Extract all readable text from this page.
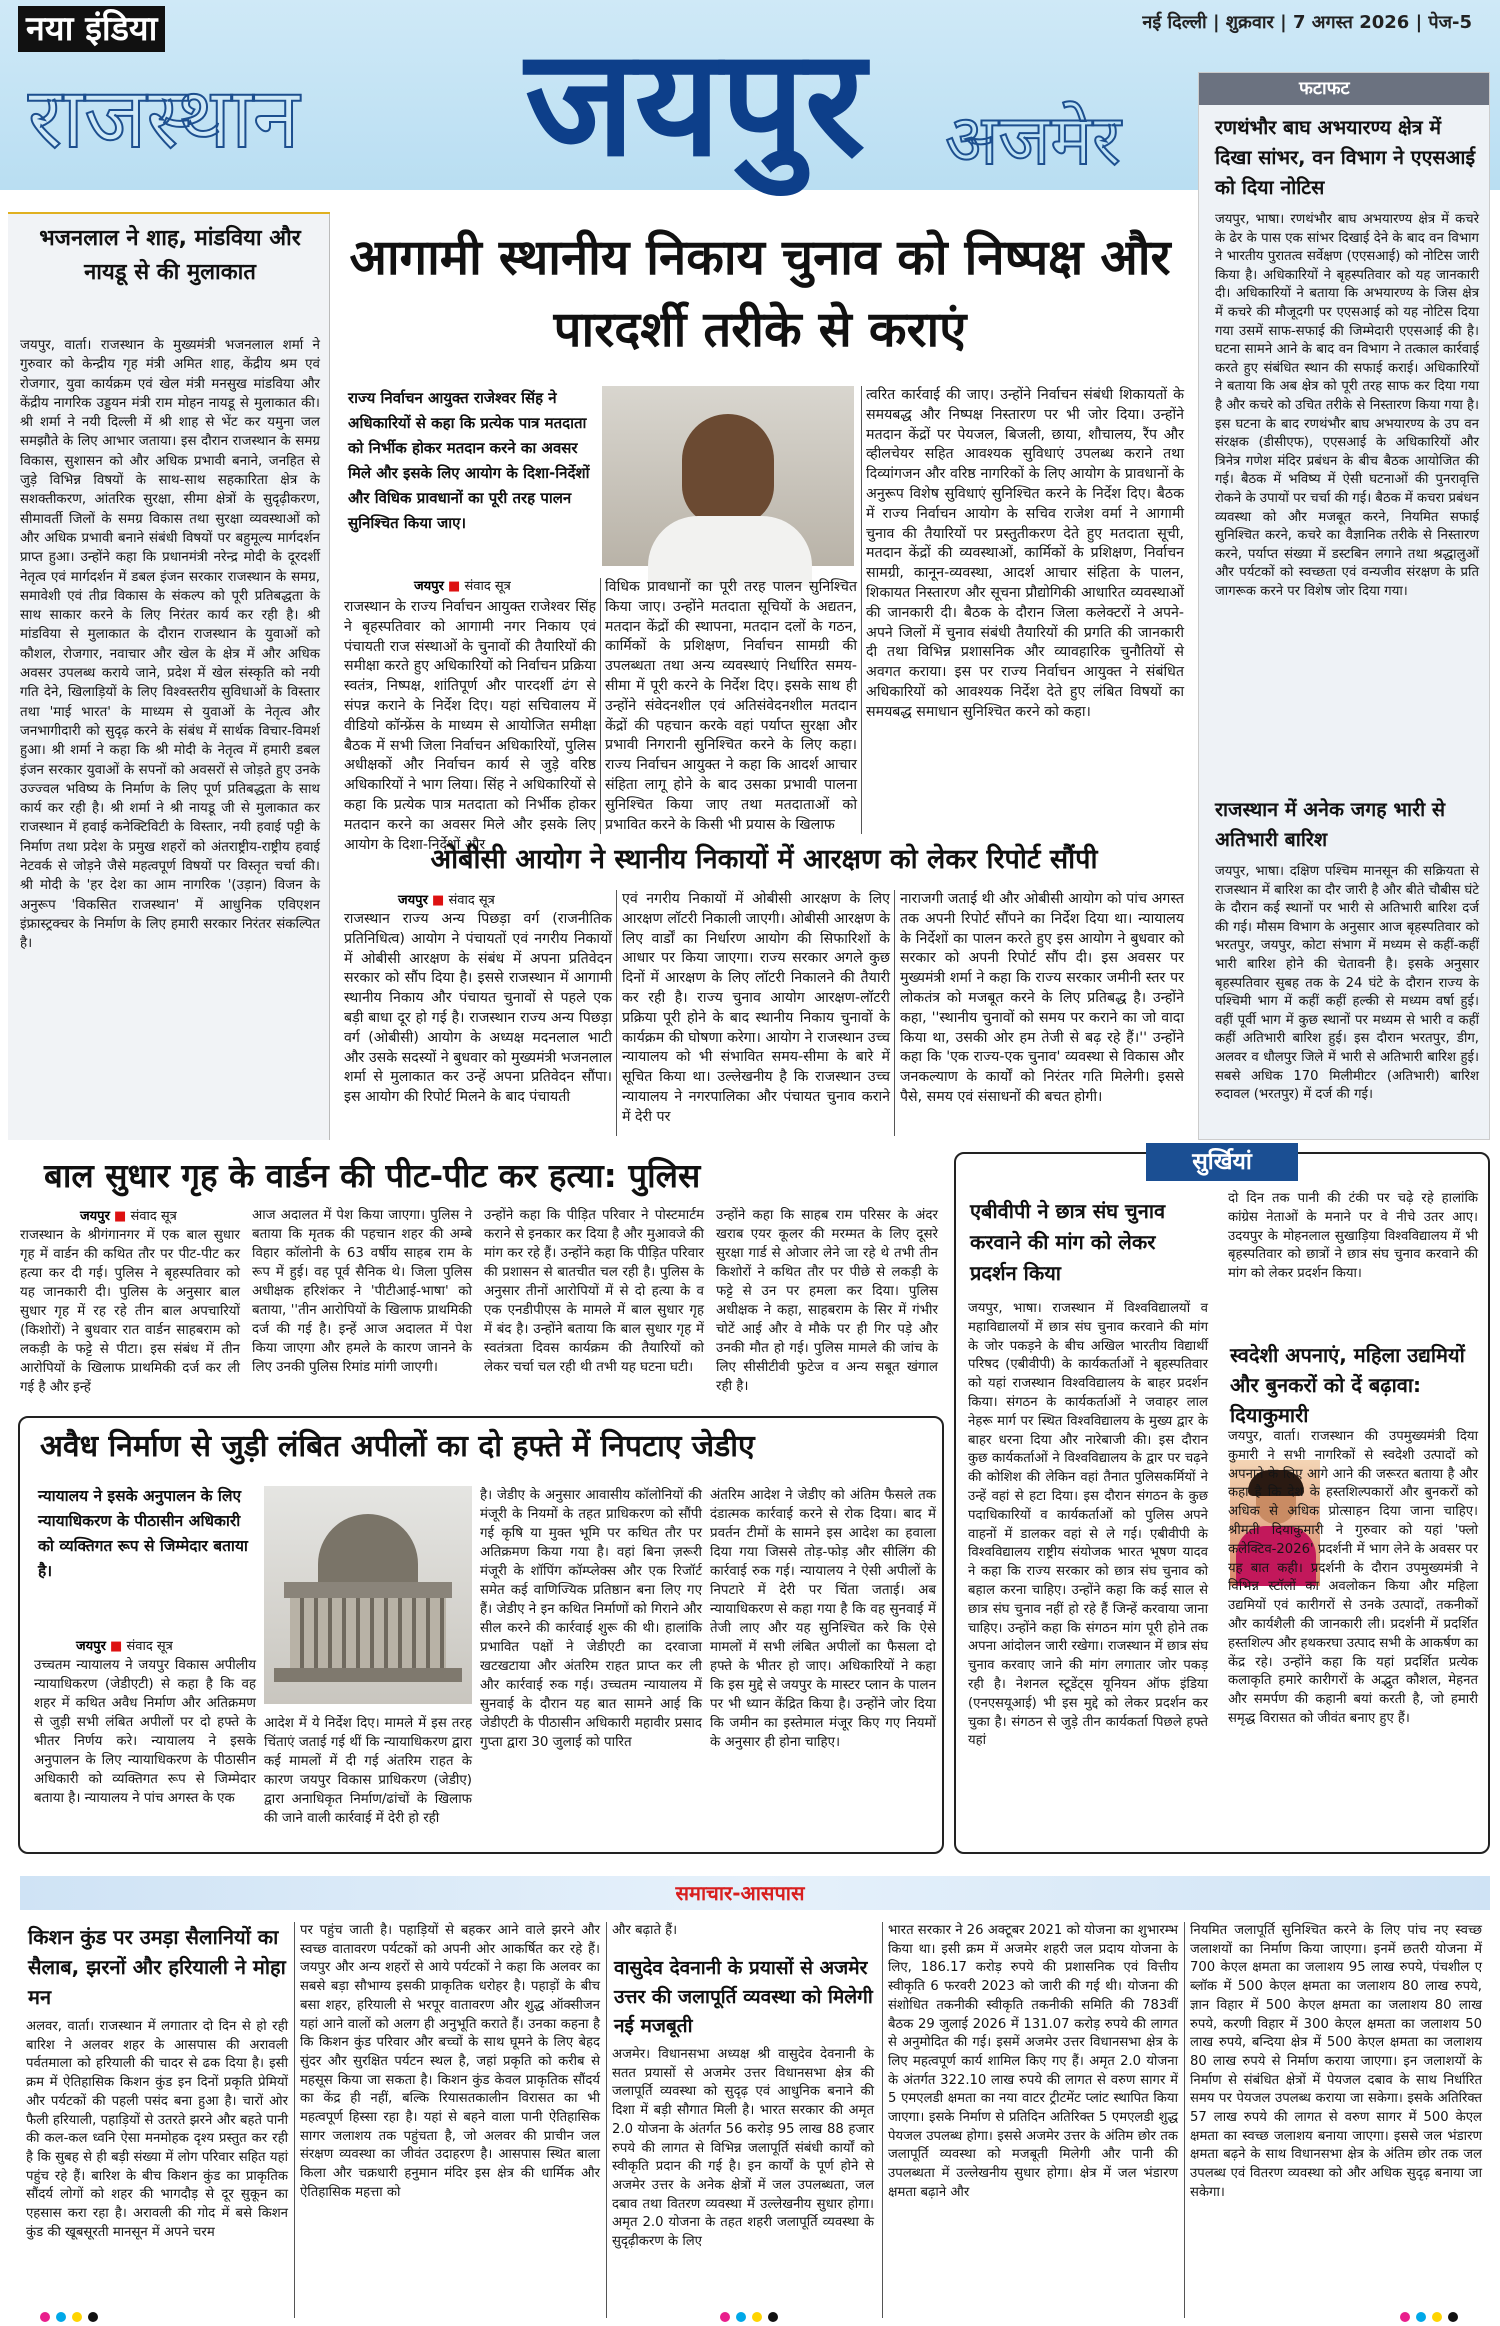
नया इंडिया	नई दिल्ली | शुक्रवार | 7 अगस्त 2026 | पेज-5
राजस्थान जयपुर अजमेर
फटाफट
रणथंभौर बाघ अभयारण्य क्षेत्र में दिखा सांभर, वन विभाग ने एएसआई को दिया नोटिस
जयपुर, भाषा। रणथंभौर बाघ अभयारण्य क्षेत्र में कचरे के ढेर के पास एक सांभर दिखाई देने के बाद वन विभाग ने भारतीय पुरातत्व सर्वेक्षण (एएसआई) को नोटिस जारी किया है। अधिकारियों ने बृहस्पतिवार को यह जानकारी दी। अधिकारियों ने बताया कि अभयारण्य के जिस क्षेत्र में कचरे की मौजूदगी पर एएसआई को यह नोटिस दिया गया उसमें साफ-सफाई की जिम्मेदारी एएसआई की है। घटना सामने आने के बाद वन विभाग ने तत्काल कार्रवाई करते हुए संबंधित स्थान की सफाई कराई। अधिकारियों ने बताया कि अब क्षेत्र को पूरी तरह साफ कर दिया गया है और कचरे को उचित तरीके से निस्तारण किया गया है। इस घटना के बाद रणथंभौर बाघ अभयारण्य के उप वन संरक्षक (डीसीएफ), एएसआई के अधिकारियों और त्रिनेत्र गणेश मंदिर प्रबंधन के बीच बैठक आयोजित की गई। बैठक में भविष्य में ऐसी घटनाओं की पुनरावृत्ति रोकने के उपायों पर चर्चा की गई। बैठक में कचरा प्रबंधन व्यवस्था को और मजबूत करने, नियमित सफाई सुनिश्चित करने, कचरे का वैज्ञानिक तरीके से निस्तारण करने, पर्याप्त संख्या में डस्टबिन लगाने तथा श्रद्धालुओं और पर्यटकों को स्वच्छता एवं वन्यजीव संरक्षण के प्रति जागरूक करने पर विशेष जोर दिया गया।
राजस्थान में अनेक जगह भारी से अतिभारी बारिश
जयपुर, भाषा। दक्षिण पश्चिम मानसून की सक्रियता से राजस्थान में बारिश का दौर जारी है और बीते चौबीस घंटे के दौरान कई स्थानों पर भारी से अतिभारी बारिश दर्ज की गई। मौसम विभाग के अनुसार आज बृहस्पतिवार को भरतपुर, जयपुर, कोटा संभाग में मध्यम से कहीं-कहीं भारी बारिश होने की चेतावनी है। इसके अनुसार बृहस्पतिवार सुबह तक के 24 घंटे के दौरान राज्य के पश्चिमी भाग में कहीं कहीं हल्की से मध्यम वर्षा हुई। वहीं पूर्वी भाग में कुछ स्थानों पर मध्यम से भारी व कहीं कहीं अतिभारी बारिश हुई। इस दौरान भरतपुर, डीग, अलवर व धौलपुर जिले में भारी से अतिभारी बारिश हुई। सबसे अधिक 170 मिलीमीटर (अतिभारी) बारिश रुदावल (भरतपुर) में दर्ज की गई।
भजनलाल ने शाह, मांडविया और नायडू से की मुलाकात
जयपुर, वार्ता। राजस्थान के मुख्यमंत्री भजनलाल शर्मा ने गुरुवार को केन्द्रीय गृह मंत्री अमित शाह, केंद्रीय श्रम एवं रोजगार, युवा कार्यक्रम एवं खेल मंत्री मनसुख मांडविया और केंद्रीय नागरिक उड्डयन मंत्री राम मोहन नायडू से मुलाकात की। श्री शर्मा ने नयी दिल्ली में श्री शाह से भेंट कर यमुना जल समझौते के लिए आभार जताया। इस दौरान राजस्थान के समग्र विकास, सुशासन को और अधिक प्रभावी बनाने, जनहित से जुड़े विभिन्न विषयों के साथ-साथ सहकारिता क्षेत्र के सशक्तीकरण, आंतरिक सुरक्षा, सीमा क्षेत्रों के सुदृढ़ीकरण, सीमावर्ती जिलों के समग्र विकास तथा सुरक्षा व्यवस्थाओं को और अधिक प्रभावी बनाने संबंधी विषयों पर बहुमूल्य मार्गदर्शन प्राप्त हुआ। उन्होंने कहा कि प्रधानमंत्री नरेन्द्र मोदी के दूरदर्शी नेतृत्व एवं मार्गदर्शन में डबल इंजन सरकार राजस्थान के समग्र, समावेशी एवं तीव्र विकास के संकल्प को पूरी प्रतिबद्धता के साथ साकार करने के लिए निरंतर कार्य कर रही है। श्री मांडविया से मुलाकात के दौरान राजस्थान के युवाओं को कौशल, रोजगार, नवाचार और खेल के क्षेत्र में और अधिक अवसर उपलब्ध कराये जाने, प्रदेश में खेल संस्कृति को नयी गति देने, खिलाड़ियों के लिए विश्वस्तरीय सुविधाओं के विस्तार तथा 'माई भारत' के माध्यम से युवाओं के नेतृत्व और जनभागीदारी को सुदृढ़ करने के संबंध में सार्थक विचार-विमर्श हुआ। श्री शर्मा ने कहा कि श्री मोदी के नेतृत्व में हमारी डबल इंजन सरकार युवाओं के सपनों को अवसरों से जोड़ते हुए उनके उज्ज्वल भविष्य के निर्माण के लिए पूर्ण प्रतिबद्धता के साथ कार्य कर रही है। श्री शर्मा ने श्री नायडू जी से मुलाकात कर राजस्थान में हवाई कनेक्टिविटी के विस्तार, नयी हवाई पट्टी के निर्माण तथा प्रदेश के प्रमुख शहरों को अंतराष्ट्रीय-राष्ट्रीय हवाई नेटवर्क से जोड़ने जैसे महत्वपूर्ण विषयों पर विस्तृत चर्चा की। श्री मोदी के 'हर देश का आम नागरिक '(उड़ान) विजन के अनुरूप 'विकसित राजस्थान' में आधुनिक एविएशन इंफ्रास्ट्रक्चर के निर्माण के लिए हमारी सरकार निरंतर संकल्पित है।
आगामी स्थानीय निकाय चुनाव को निष्पक्ष और पारदर्शी तरीके से कराएं
राज्य निर्वाचन आयुक्त राजेश्वर सिंह ने अधिकारियों से कहा कि प्रत्येक पात्र मतदाता को निर्भीक होकर मतदान करने का अवसर मिले और इसके लिए आयोग के दिशा-निर्देशों और विधिक प्रावधानों का पूरी तरह पालन सुनिश्चित किया जाए।
जयपुर ■ संवाद सूत्र
राजस्थान के राज्य निर्वाचन आयुक्त राजेश्वर सिंह ने बृहस्पतिवार को आगामी नगर निकाय एवं पंचायती राज संस्थाओं के चुनावों की तैयारियों की समीक्षा करते हुए अधिकारियों को निर्वाचन प्रक्रिया स्वतंत्र, निष्पक्ष, शांतिपूर्ण और पारदर्शी ढंग से संपन्न कराने के निर्देश दिए। यहां सचिवालय में वीडियो कॉन्फ्रेंस के माध्यम से आयोजित समीक्षा बैठक में सभी जिला निर्वाचन अधिकारियों, पुलिस अधीक्षकों और निर्वाचन कार्य से जुड़े वरिष्ठ अधिकारियों ने भाग लिया। सिंह ने अधिकारियों से कहा कि प्रत्येक पात्र मतदाता को निर्भीक होकर मतदान करने का अवसर मिले और इसके लिए आयोग के दिशा-निर्देशों और
विधिक प्रावधानों का पूरी तरह पालन सुनिश्चित किया जाए। उन्होंने मतदाता सूचियों के अद्यतन, मतदान केंद्रों की स्थापना, मतदान दलों के गठन, कार्मिकों के प्रशिक्षण, निर्वाचन सामग्री की उपलब्धता तथा अन्य व्यवस्थाएं निर्धारित समय-सीमा में पूरी करने के निर्देश दिए। इसके साथ ही उन्होंने संवेदनशील एवं अतिसंवेदनशील मतदान केंद्रों की पहचान करके वहां पर्याप्त सुरक्षा और प्रभावी निगरानी सुनिश्चित करने के लिए कहा। राज्य निर्वाचन आयुक्त ने कहा कि आदर्श आचार संहिता लागू होने के बाद उसका प्रभावी पालना सुनिश्चित किया जाए तथा मतदाताओं को प्रभावित करने के किसी भी प्रयास के खिलाफ
त्वरित कार्रवाई की जाए। उन्होंने निर्वाचन संबंधी शिकायतों के समयबद्ध और निष्पक्ष निस्तारण पर भी जोर दिया। उन्होंने मतदान केंद्रों पर पेयजल, बिजली, छाया, शौचालय, रैंप और व्हीलचेयर सहित आवश्यक सुविधाएं उपलब्ध कराने तथा दिव्यांगजन और वरिष्ठ नागरिकों के लिए आयोग के प्रावधानों के अनुरूप विशेष सुविधाएं सुनिश्चित करने के निर्देश दिए। बैठक में राज्य निर्वाचन आयोग के सचिव राजेश वर्मा ने आगामी चुनाव की तैयारियों पर प्रस्तुतीकरण देते हुए मतदाता सूची, मतदान केंद्रों की व्यवस्थाओं, कार्मिकों के प्रशिक्षण, निर्वाचन सामग्री, कानून-व्यवस्था, आदर्श आचार संहिता के पालन, शिकायत निस्तारण और सूचना प्रौद्योगिकी आधारित व्यवस्थाओं की जानकारी दी। बैठक के दौरान जिला कलेक्टरों ने अपने-अपने जिलों में चुनाव संबंधी तैयारियों की प्रगति की जानकारी दी तथा विभिन्न प्रशासनिक और व्यावहारिक चुनौतियों से अवगत कराया। इस पर राज्य निर्वाचन आयुक्त ने संबंधित अधिकारियों को आवश्यक निर्देश देते हुए लंबित विषयों का समयबद्ध समाधान सुनिश्चित करने को कहा।
ओबीसी आयोग ने स्थानीय निकायों में आरक्षण को लेकर रिपोर्ट सौंपी
जयपुर ■ संवाद सूत्र
राजस्थान राज्य अन्य पिछड़ा वर्ग (राजनीतिक प्रतिनिधित्व) आयोग ने पंचायतों एवं नगरीय निकायों में ओबीसी आरक्षण के संबंध में अपना प्रतिवेदन सरकार को सौंप दिया है। इससे राजस्थान में आगामी स्थानीय निकाय और पंचायत चुनावों से पहले एक बड़ी बाधा दूर हो गई है। राजस्थान राज्य अन्य पिछड़ा वर्ग (ओबीसी) आयोग के अध्यक्ष मदनलाल भाटी और उसके सदस्यों ने बुधवार को मुख्यमंत्री भजनलाल शर्मा से मुलाकात कर उन्हें अपना प्रतिवेदन सौंपा। इस आयोग की रिपोर्ट मिलने के बाद पंचायती
एवं नगरीय निकायों में ओबीसी आरक्षण के लिए आरक्षण लॉटरी निकाली जाएगी। ओबीसी आरक्षण के लिए वार्डों का निर्धारण आयोग की सिफारिशों के आधार पर किया जाएगा। राज्य सरकार अगले कुछ दिनों में आरक्षण के लिए लॉटरी निकालने की तैयारी कर रही है। राज्य चुनाव आयोग आरक्षण-लॉटरी प्रक्रिया पूरी होने के बाद स्थानीय निकाय चुनावों के कार्यक्रम की घोषणा करेगा। आयोग ने राजस्थान उच्च न्यायालय को भी संभावित समय-सीमा के बारे में सूचित किया था। उल्लेखनीय है कि राजस्थान उच्च न्यायालय ने नगरपालिका और पंचायत चुनाव कराने में देरी पर
नाराजगी जताई थी और ओबीसी आयोग को पांच अगस्त तक अपनी रिपोर्ट सौंपने का निर्देश दिया था। न्यायालय के निर्देशों का पालन करते हुए इस आयोग ने बुधवार को सरकार को अपनी रिपोर्ट सौंप दी। इस अवसर पर मुख्यमंत्री शर्मा ने कहा कि राज्य सरकार जमीनी स्तर पर लोकतंत्र को मजबूत करने के लिए प्रतिबद्ध है। उन्होंने कहा, ''स्थानीय चुनावों को समय पर कराने का जो वादा किया था, उसकी ओर हम तेजी से बढ़ रहे हैं।'' उन्होंने कहा कि 'एक राज्य-एक चुनाव' व्यवस्था से विकास और जनकल्याण के कार्यों को निरंतर गति मिलेगी। इससे पैसे, समय एवं संसाधनों की बचत होगी।
बाल सुधार गृह के वार्डन की पीट-पीट कर हत्या: पुलिस
जयपुर ■ संवाद सूत्र
राजस्थान के श्रीगंगानगर में एक बाल सुधार गृह में वार्डन की कथित तौर पर पीट-पीट कर हत्या कर दी गई। पुलिस ने बृहस्पतिवार को यह जानकारी दी। पुलिस के अनुसार बाल सुधार गृह में रह रहे तीन बाल अपचारियों (किशोरों) ने बुधवार रात वार्डन साहबराम को लकड़ी के फट्टे से पीटा। इस संबंध में तीन आरोपियों के खिलाफ प्राथमिकी दर्ज कर ली गई है और इन्हें
आज अदालत में पेश किया जाएगा। पुलिस ने बताया कि मृतक की पहचान शहर की अम्बे विहार कॉलोनी के 63 वर्षीय साहब राम के रूप में हुई। वह पूर्व सैनिक थे। जिला पुलिस अधीक्षक हरिशंकर ने 'पीटीआई-भाषा' को बताया, ''तीन आरोपियों के खिलाफ प्राथमिकी दर्ज की गई है। इन्हें आज अदालत में पेश किया जाएगा और हमले के कारण जानने के लिए उनकी पुलिस रिमांड मांगी जाएगी।
उन्होंने कहा कि पीड़ित परिवार ने पोस्टमार्टम कराने से इनकार कर दिया है और मुआवजे की मांग कर रहे हैं। उन्होंने कहा कि पीड़ित परिवार की प्रशासन से बातचीत चल रही है। पुलिस के अनुसार तीनों आरोपियों में से दो हत्या के व एक एनडीपीएस के मामले में बाल सुधार गृह में बंद है। उन्होंने बताया कि बाल सुधार गृह में स्वतंत्रता दिवस कार्यक्रम की तैयारियों को लेकर चर्चा चल रही थी तभी यह घटना घटी।
उन्होंने कहा कि साहब राम परिसर के अंदर खराब एयर कूलर की मरम्मत के लिए दूसरे सुरक्षा गार्ड से ओजार लेने जा रहे थे तभी तीन किशोरों ने कथित तौर पर पीछे से लकड़ी के फट्टे से उन पर हमला कर दिया। पुलिस अधीक्षक ने कहा, साहबराम के सिर में गंभीर चोटें आई और वे मौके पर ही गिर पड़े और उनकी मौत हो गई। पुलिस मामले की जांच के लिए सीसीटीवी फुटेज व अन्य सबूत खंगाल रही है।
अवैध निर्माण से जुड़ी लंबित अपीलों का दो हफ्ते में निपटाए जेडीए
न्यायालय ने इसके अनुपालन के लिए न्यायाधिकरण के पीठासीन अधिकारी को व्यक्तिगत रूप से जिम्मेदार बताया है।
जयपुर ■ संवाद सूत्र
उच्चतम न्यायालय ने जयपुर विकास अपीलीय न्यायाधिकरण (जेडीएटी) से कहा है कि वह शहर में कथित अवैध निर्माण और अतिक्रमण से जुड़ी सभी लंबित अपीलों पर दो हफ्ते के भीतर निर्णय करे। न्यायालय ने इसके अनुपालन के लिए न्यायाधिकरण के पीठासीन अधिकारी को व्यक्तिगत रूप से जिम्मेदार बताया है। न्यायालय ने पांच अगस्त के एक
आदेश में ये निर्देश दिए। मामले में इस तरह चिंताएं जताई गई थीं कि न्यायाधिकरण द्वारा कई मामलों में दी गई अंतरिम राहत के कारण जयपुर विकास प्राधिकरण (जेडीए) द्वारा अनाधिकृत निर्माण/ढांचों के खिलाफ की जाने वाली कार्रवाई में देरी हो रही
है। जेडीए के अनुसार आवासीय कॉलोनियों की मंजूरी के नियमों के तहत प्राधिकरण को सौंपी गई कृषि या मुक्त भूमि पर कथित तौर पर अतिक्रमण किया गया है। वहां बिना ज़रूरी मंजूरी के शॉपिंग कॉम्प्लेक्स और एक रिजॉर्ट समेत कई वाणिज्यिक प्रतिष्ठान बना लिए गए हैं। जेडीए ने इन कथित निर्माणों को गिराने और सील करने की कार्रवाई शुरू की थी। हालांकि प्रभावित पक्षों ने जेडीएटी का दरवाजा खटखटाया और अंतरिम राहत प्राप्त कर ली और कार्रवाई रुक गई। उच्चतम न्यायालय में सुनवाई के दौरान यह बात सामने आई कि जेडीएटी के पीठासीन अधिकारी महावीर प्रसाद गुप्ता द्वारा 30 जुलाई को पारित
अंतरिम आदेश ने जेडीए को अंतिम फैसले तक दंडात्मक कार्रवाई करने से रोक दिया। बाद में प्रवर्तन टीमों के सामने इस आदेश का हवाला दिया गया जिससे तोड़-फोड़ और सीलिंग की कार्रवाई रुक गई। न्यायालय ने ऐसी अपीलों के निपटारे में देरी पर चिंता जताई। अब न्यायाधिकरण से कहा गया है कि वह सुनवाई में तेजी लाए और यह सुनिश्चित करे कि ऐसे मामलों में सभी लंबित अपीलों का फैसला दो हफ्ते के भीतर हो जाए। अधिकारियों ने कहा कि इस मुद्दे से जयपुर के मास्टर प्लान के पालन पर भी ध्यान केंद्रित किया है। उन्होंने जोर दिया कि जमीन का इस्तेमाल मंजूर किए गए नियमों के अनुसार ही होना चाहिए।
सुर्खियां
एबीवीपी ने छात्र संघ चुनाव करवाने की मांग को लेकर प्रदर्शन किया
जयपुर, भाषा। राजस्थान में विश्वविद्यालयों व महाविद्यालयों में छात्र संघ चुनाव करवाने की मांग के जोर पकड़ने के बीच अखिल भारतीय विद्यार्थी परिषद (एबीवीपी) के कार्यकर्ताओं ने बृहस्पतिवार को यहां राजस्थान विश्वविद्यालय के बाहर प्रदर्शन किया। संगठन के कार्यकर्ताओं ने जवाहर लाल नेहरू मार्ग पर स्थित विश्वविद्यालय के मुख्य द्वार के बाहर धरना दिया और नारेबाजी की। इस दौरान कुछ कार्यकर्ताओं ने विश्वविद्यालय के द्वार पर चढ़ने की कोशिश की लेकिन वहां तैनात पुलिसकर्मियों ने उन्हें वहां से हटा दिया। इस दौरान संगठन के कुछ पदाधिकारियों व कार्यकर्ताओं को पुलिस अपने वाहनों में डालकर वहां से ले गई। एबीवीपी के विश्वविद्यालय राष्ट्रीय संयोजक भारत भूषण यादव ने कहा कि राज्य सरकार को छात्र संघ चुनाव को बहाल करना चाहिए। उन्होंने कहा कि कई साल से छात्र संघ चुनाव नहीं हो रहे हैं जिन्हें करवाया जाना चाहिए। उन्होंने कहा कि संगठन मांग पूरी होने तक अपना आंदोलन जारी रखेगा। राजस्थान में छात्र संघ चुनाव करवाए जाने की मांग लगातार जोर पकड़ रही है। नेशनल स्टूडेंट्स यूनियन ऑफ इंडिया (एनएसयूआई) भी इस मुद्दे को लेकर प्रदर्शन कर चुका है। संगठन से जुड़े तीन कार्यकर्ता पिछले हफ्ते यहां
दो दिन तक पानी की टंकी पर चढ़े रहे हालांकि कांग्रेस नेताओं के मनाने पर वे नीचे उतर आए। उदयपुर के मोहनलाल सुखाड़िया विश्वविद्यालय में भी बृहस्पतिवार को छात्रों ने छात्र संघ चुनाव करवाने की मांग को लेकर प्रदर्शन किया।
स्वदेशी अपनाएं, महिला उद्यमियों और बुनकरों को दें बढ़ावा: दियाकुमारी
जयपुर, वार्ता। राजस्थान की उपमुख्यमंत्री दिया कुमारी ने सभी नागरिकों से स्वदेशी उत्पादों को अपनाने के लिए आगे आने की जरूरत बताया है और कहा है कि देश के हस्तशिल्पकारों और बुनकरों को अधिक से अधिक प्रोत्साहन दिया जाना चाहिए। श्रीमती दियाकुमारी ने गुरुवार को यहां 'फ्लो कलेक्टिव-2026' प्रदर्शनी में भाग लेने के अवसर पर यह बात कही। प्रदर्शनी के दौरान उपमुख्यमंत्री ने विभिन्न स्टॉलों का अवलोकन किया और महिला उद्यमियों एवं कारीगरों से उनके उत्पादों, तकनीकों और कार्यशैली की जानकारी ली। प्रदर्शनी में प्रदर्शित हस्तशिल्प और हथकरघा उत्पाद सभी के आकर्षण का केंद्र रहे। उन्होंने कहा कि यहां प्रदर्शित प्रत्येक कलाकृति हमारे कारीगरों के अद्भुत कौशल, मेहनत और समर्पण की कहानी बयां करती है, जो हमारी समृद्ध विरासत को जीवंत बनाए हुए हैं।
समाचार-आसपास
किशन कुंड पर उमड़ा सैलानियों का सैलाब, झरनों और हरियाली ने मोहा मन
अलवर, वार्ता। राजस्थान में लगातार दो दिन से हो रही बारिश ने अलवर शहर के आसपास की अरावली पर्वतमाला को हरियाली की चादर से ढक दिया है। इसी क्रम में ऐतिहासिक किशन कुंड इन दिनों प्रकृति प्रेमियों और पर्यटकों की पहली पसंद बना हुआ है। चारों ओर फैली हरियाली, पहाड़ियों से उतरते झरने और बहते पानी की कल-कल ध्वनि ऐसा मनमोहक दृश्य प्रस्तुत कर रही है कि सुबह से ही बड़ी संख्या में लोग परिवार सहित यहां पहुंच रहे हैं। बारिश के बीच किशन कुंड का प्राकृतिक सौंदर्य लोगों को शहर की भागदौड़ से दूर सुकून का एहसास करा रहा है। अरावली की गोद में बसे किशन कुंड की खूबसूरती मानसून में अपने चरम
पर पहुंच जाती है। पहाड़ियों से बहकर आने वाले झरने और स्वच्छ वातावरण पर्यटकों को अपनी ओर आकर्षित कर रहे हैं। जयपुर और अन्य शहरों से आये पर्यटकों ने कहा कि अलवर का सबसे बड़ा सौभाग्य इसकी प्राकृतिक धरोहर है। पहाड़ों के बीच बसा शहर, हरियाली से भरपूर वातावरण और शुद्ध ऑक्सीजन यहां आने वालों को अलग ही अनुभूति कराते हैं। उनका कहना है कि किशन कुंड परिवार और बच्चों के साथ घूमने के लिए बेहद सुंदर और सुरक्षित पर्यटन स्थल है, जहां प्रकृति को करीब से महसूस किया जा सकता है। किशन कुंड केवल प्राकृतिक सौंदर्य का केंद्र ही नहीं, बल्कि रियासतकालीन विरासत का भी महत्वपूर्ण हिस्सा रहा है। यहां से बहने वाला पानी ऐतिहासिक सागर जलाशय तक पहुंचता है, जो अलवर की प्राचीन जल संरक्षण व्यवस्था का जीवंत उदाहरण है। आसपास स्थित बाला किला और चक्रधारी हनुमान मंदिर इस क्षेत्र की धार्मिक और ऐतिहासिक महत्ता को
और बढ़ाते हैं।
वासुदेव देवनानी के प्रयासों से अजमेर उत्तर की जलापूर्ति व्यवस्था को मिलेगी नई मजबूती
अजमेर। विधानसभा अध्यक्ष श्री वासुदेव देवनानी के सतत प्रयासों से अजमेर उत्तर विधानसभा क्षेत्र की जलापूर्ति व्यवस्था को सुदृढ़ एवं आधुनिक बनाने की दिशा में बड़ी सौगात मिली है। भारत सरकार की अमृत 2.0 योजना के अंतर्गत 56 करोड़ 95 लाख 88 हजार रुपये की लागत से विभिन्न जलापूर्ति संबंधी कार्यों को स्वीकृति प्रदान की गई है। इन कार्यों के पूर्ण होने से अजमेर उत्तर के अनेक क्षेत्रों में जल उपलब्धता, जल दबाव तथा वितरण व्यवस्था में उल्लेखनीय सुधार होगा। अमृत 2.0 योजना के तहत शहरी जलापूर्ति व्यवस्था के सुदृढ़ीकरण के लिए
भारत सरकार ने 26 अक्टूबर 2021 को योजना का शुभारम्भ किया था। इसी क्रम में अजमेर शहरी जल प्रदाय योजना के लिए, 186.17 करोड़ रुपये की प्रशासनिक एवं वित्तीय स्वीकृति 6 फरवरी 2023 को जारी की गई थी। योजना की संशोधित तकनीकी स्वीकृति तकनीकी समिति की 783वीं बैठक 29 जुलाई 2026 में 131.07 करोड़ रुपये की लागत से अनुमोदित की गई। इसमें अजमेर उत्तर विधानसभा क्षेत्र के लिए महत्वपूर्ण कार्य शामिल किए गए हैं। अमृत 2.0 योजना के अंतर्गत 322.10 लाख रुपये की लागत से वरुण सागर में 5 एमएलडी क्षमता का नया वाटर ट्रीटमेंट प्लांट स्थापित किया जाएगा। इसके निर्माण से प्रतिदिन अतिरिक्त 5 एमएलडी शुद्ध पेयजल उपलब्ध होगा। इससे अजमेर उत्तर के अंतिम छोर तक जलापूर्ति व्यवस्था को मजबूती मिलेगी और पानी की उपलब्धता में उल्लेखनीय सुधार होगा। क्षेत्र में जल भंडारण क्षमता बढ़ाने और
नियमित जलापूर्ति सुनिश्चित करने के लिए पांच नए स्वच्छ जलाशयों का निर्माण किया जाएगा। इनमें छतरी योजना में 700 केएल क्षमता का जलाशय 95 लाख रुपये, पंचशील ए ब्लॉक में 500 केएल क्षमता का जलाशय 80 लाख रुपये, ज्ञान विहार में 500 केएल क्षमता का जलाशय 80 लाख रुपये, करणी विहार में 300 केएल क्षमता का जलाशय 50 लाख रुपये, बन्दिया क्षेत्र में 500 केएल क्षमता का जलाशय 80 लाख रुपये से निर्माण कराया जाएगा। इन जलाशयों के निर्माण से संबंधित क्षेत्रों में पेयजल दबाव के साथ निर्धारित समय पर पेयजल उपलब्ध कराया जा सकेगा। इसके अतिरिक्त 57 लाख रुपये की लागत से वरुण सागर में 500 केएल क्षमता का स्वच्छ जलाशय बनाया जाएगा। इससे जल भंडारण क्षमता बढ़ने के साथ विधानसभा क्षेत्र के अंतिम छोर तक जल उपलब्ध एवं वितरण व्यवस्था को और अधिक सुदृढ़ बनाया जा सकेगा।
